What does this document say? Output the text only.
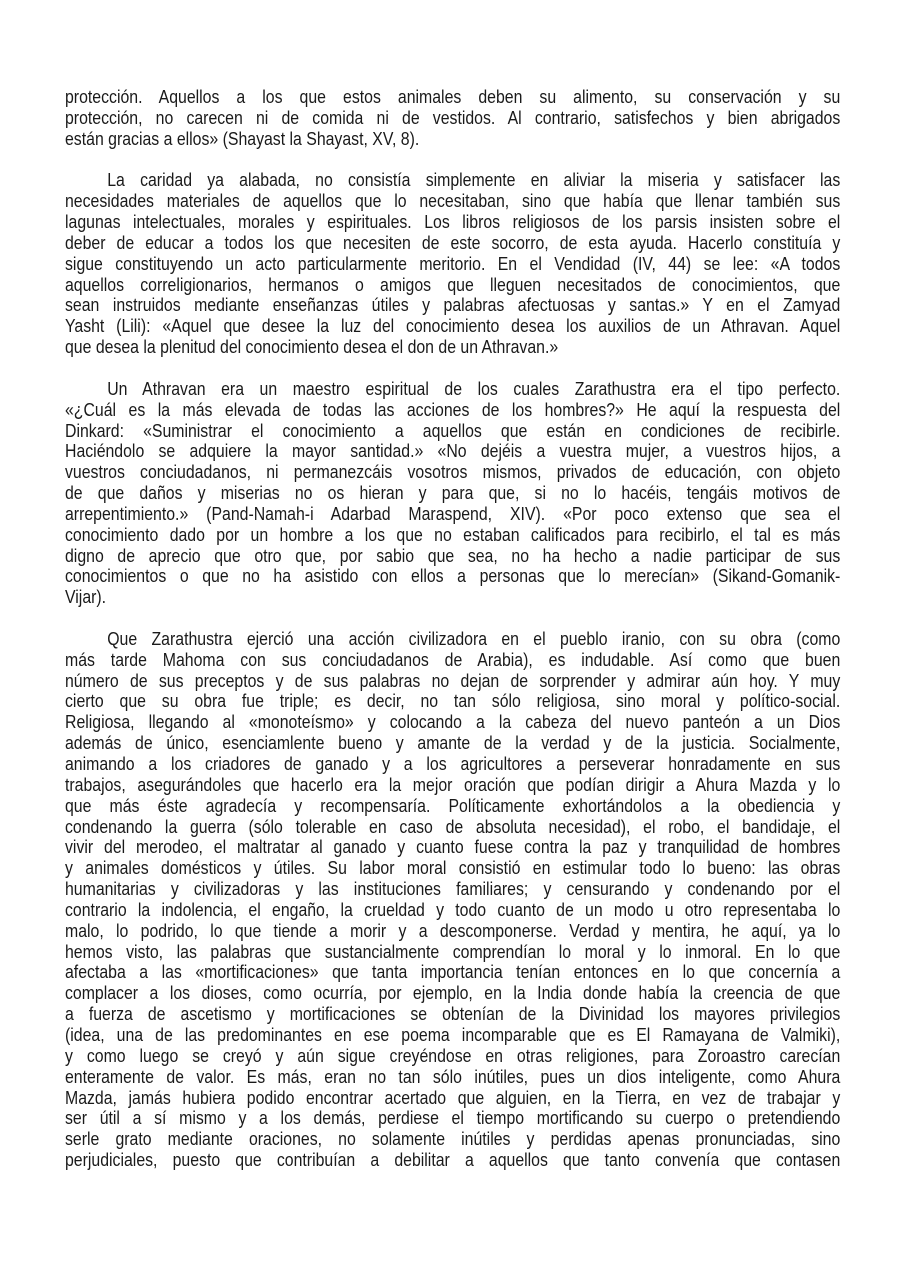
protección. Aquellos a los que estos animales deben su alimento, su conservación y su
protección, no carecen ni de comida ni de vestidos. Al contrario, satisfechos y bien abrigados
están gracias a ellos» (Shayast la Shayast, XV, 8).
La caridad ya alabada, no consistía simplemente en aliviar la miseria y satisfacer las
necesidades materiales de aquellos que lo necesitaban, sino que había que llenar también sus
lagunas intelectuales, morales y espirituales. Los libros religiosos de los parsis insisten sobre el
deber de educar a todos los que necesiten de este socorro, de esta ayuda. Hacerlo constituía y
sigue constituyendo un acto particularmente meritorio. En el Vendidad (IV, 44) se lee: «A todos
aquellos correligionarios, hermanos o amigos que lleguen necesitados de conocimientos, que
sean instruidos mediante enseñanzas útiles y palabras afectuosas y santas.» Y en el Zamyad
Yasht (Lili): «Aquel que desee la luz del conocimiento desea los auxilios de un Athravan. Aquel
que desea la plenitud del conocimiento desea el don de un Athravan.»
Un Athravan era un maestro espiritual de los cuales Zarathustra era el tipo perfecto.
«¿Cuál es la más elevada de todas las acciones de los hombres?» He aquí la respuesta del
Dinkard: «Suministrar el conocimiento a aquellos que están en condiciones de recibirle.
Haciéndolo se adquiere la mayor santidad.» «No dejéis a vuestra mujer, a vuestros hijos, a
vuestros conciudadanos, ni permanezcáis vosotros mismos, privados de educación, con objeto
de que daños y miserias no os hieran y para que, si no lo hacéis, tengáis motivos de
arrepentimiento.» (Pand-Namah-i Adarbad Maraspend, XIV). «Por poco extenso que sea el
conocimiento dado por un hombre a los que no estaban calificados para recibirlo, el tal es más
digno de aprecio que otro que, por sabio que sea, no ha hecho a nadie participar de sus
conocimientos o que no ha asistido con ellos a personas que lo merecían» (Sikand-Gomanik-
Vijar).
Que Zarathustra ejerció una acción civilizadora en el pueblo iranio, con su obra (como
más tarde Mahoma con sus conciudadanos de Arabia), es indudable. Así como que buen
número de sus preceptos y de sus palabras no dejan de sorprender y admirar aún hoy. Y muy
cierto que su obra fue triple; es decir, no tan sólo religiosa, sino moral y político-social.
Religiosa, llegando al «monoteísmo» y colocando a la cabeza del nuevo panteón a un Dios
además de único, esenciamlente bueno y amante de la verdad y de la justicia. Socialmente,
animando a los criadores de ganado y a los agricultores a perseverar honradamente en sus
trabajos, asegurándoles que hacerlo era la mejor oración que podían dirigir a Ahura Mazda y lo
que más éste agradecía y recompensaría. Políticamente exhortándolos a la obediencia y
condenando la guerra (sólo tolerable en caso de absoluta necesidad), el robo, el bandidaje, el
vivir del merodeo, el maltratar al ganado y cuanto fuese contra la paz y tranquilidad de hombres
y animales domésticos y útiles. Su labor moral consistió en estimular todo lo bueno: las obras
humanitarias y civilizadoras y las instituciones familiares; y censurando y condenando por el
contrario la indolencia, el engaño, la crueldad y todo cuanto de un modo u otro representaba lo
malo, lo podrido, lo que tiende a morir y a descomponerse. Verdad y mentira, he aquí, ya lo
hemos visto, las palabras que sustancialmente comprendían lo moral y lo inmoral. En lo que
afectaba a las «mortificaciones» que tanta importancia tenían entonces en lo que concernía a
complacer a los dioses, como ocurría, por ejemplo, en la India donde había la creencia de que
a fuerza de ascetismo y mortificaciones se obtenían de la Divinidad los mayores privilegios
(idea, una de las predominantes en ese poema incomparable que es El Ramayana de Valmiki),
y como luego se creyó y aún sigue creyéndose en otras religiones, para Zoroastro carecían
enteramente de valor. Es más, eran no tan sólo inútiles, pues un dios inteligente, como Ahura
Mazda, jamás hubiera podido encontrar acertado que alguien, en la Tierra, en vez de trabajar y
ser útil a sí mismo y a los demás, perdiese el tiempo mortificando su cuerpo o pretendiendo
serle grato mediante oraciones, no solamente inútiles y perdidas apenas pronunciadas, sino
perjudiciales, puesto que contribuían a debilitar a aquellos que tanto convenía que contasen
